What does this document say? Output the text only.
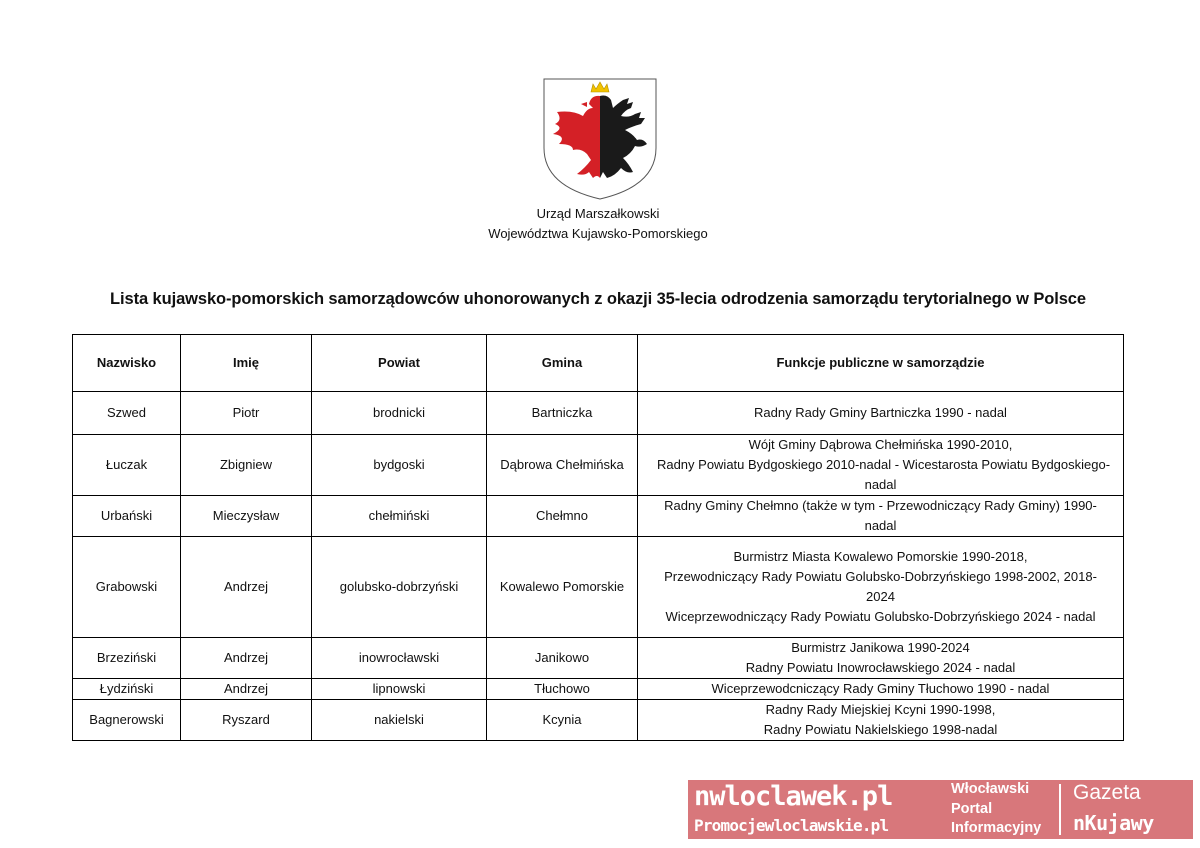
Urząd Marszałkowski
Województwa Kujawsko-Pomorskiego
Lista kujawsko-pomorskich samorządowców uhonorowanych z okazji 35-lecia odrodzenia samorządu terytorialnego w Polsce
Nazwisko	Imię	Powiat	Gmina	Funkcje publiczne w samorządzie
Szwed	Piotr	brodnicki	Bartniczka	Radny Rady Gminy Bartniczka 1990 - nadal

Łuczak	Zbigniew	bydgoski	Dąbrowa Chełmińska	Wójt Gminy Dąbrowa Chełmińska 1990-2010,
Radny Powiatu Bydgoskiego 2010-nadal - Wicestarosta Powiatu Bydgoskiego-
nadal

Urbański	Mieczysław	chełmiński	Chełmno	Radny Gminy Chełmno (także w tym - Przewodniczący Rady Gminy) 1990-
nadal

Grabowski	Andrzej	golubsko-dobrzyński	Kowalewo Pomorskie	Burmistrz Miasta Kowalewo Pomorskie 1990-2018,
Przewodniczący Rady Powiatu Golubsko-Dobrzyńskiego 1998-2002, 2018-
2024
Wiceprzewodniczący Rady Powiatu Golubsko-Dobrzyńskiego 2024 - nadal

Brzeziński	Andrzej	inowrocławski	Janikowo	Burmistrz Janikowa 1990-2024
Radny Powiatu Inowrocławskiego 2024 - nadal

Łydziński	Andrzej	lipnowski	Tłuchowo	Wiceprzewodcniczący Rady Gminy Tłuchowo 1990 - nadal

Bagnerowski	Ryszard	nakielski	Kcynia	Radny Rady Miejskiej Kcyni 1990-1998,
Radny Powiatu Nakielskiego 1998-nadal
nwloclawek.pl
Promocjewloclawskie.pl
Włocławski
Portal
Informacyjny
Gazeta
nKujawy
